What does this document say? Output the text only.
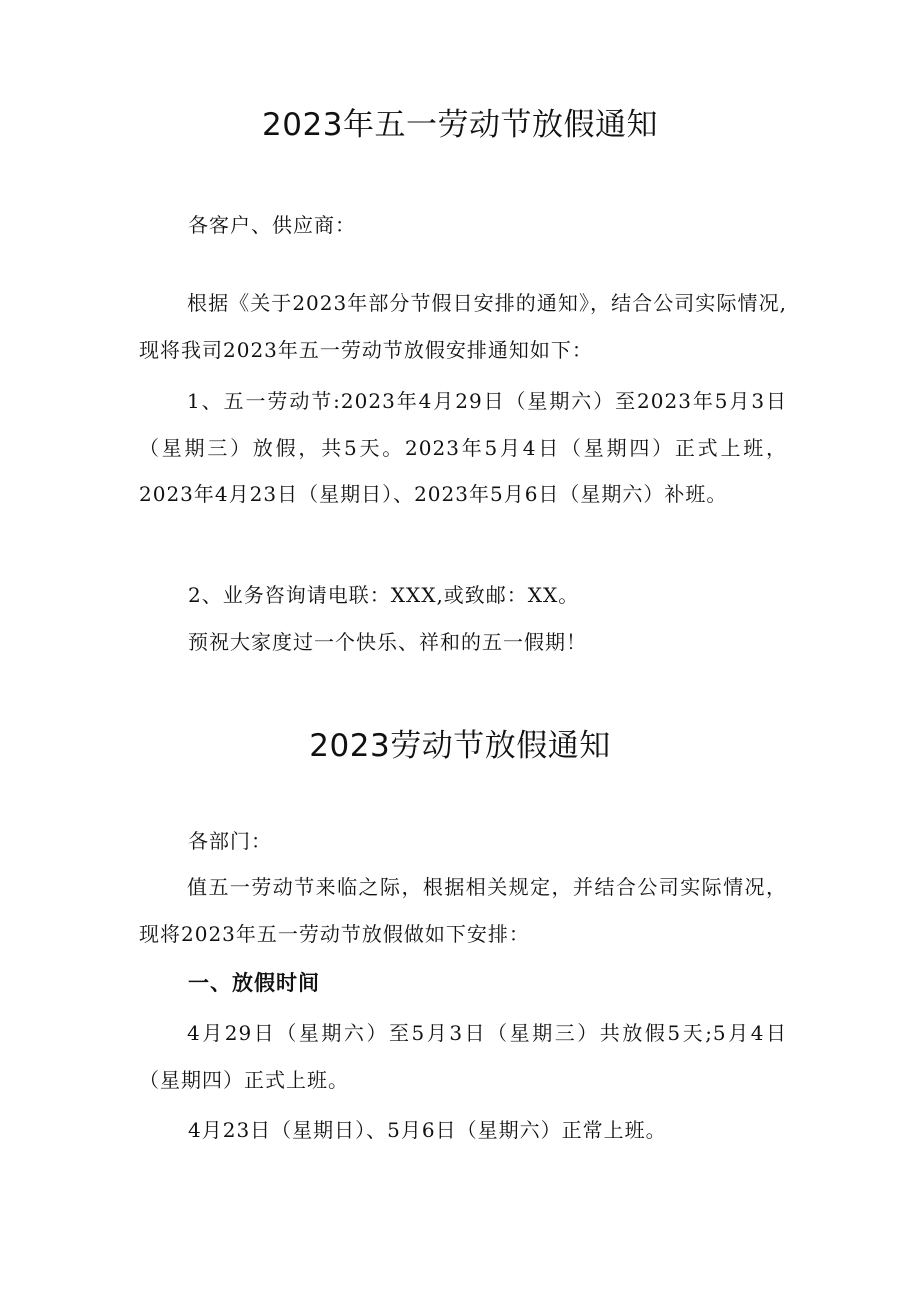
2023年五一劳动节放假通知

各客户、供应商：

根据《关于2023年部分节假日安排的通知》，结合公司实际情况,现将我司2023年五一劳动节放假安排通知如下：

1、五一劳动节:2023年4月29日（星期六）至2023年5月3日（星期三）放假，共5天。2023年5月4日（星期四）正式上班，2023年4月23日（星期日）、2023年5月6日（星期六）补班。

2、业务咨询请电联：XXX,或致邮：XX。

预祝大家度过一个快乐、祥和的五一假期！

2023劳动节放假通知

各部门：

值五一劳动节来临之际，根据相关规定，并结合公司实际情况，现将2023年五一劳动节放假做如下安排：

一、放假时间

4月29日（星期六）至5月3日（星期三）共放假5天;5月4日（星期四）正式上班。

4月23日（星期日）、5月6日（星期六）正常上班。
